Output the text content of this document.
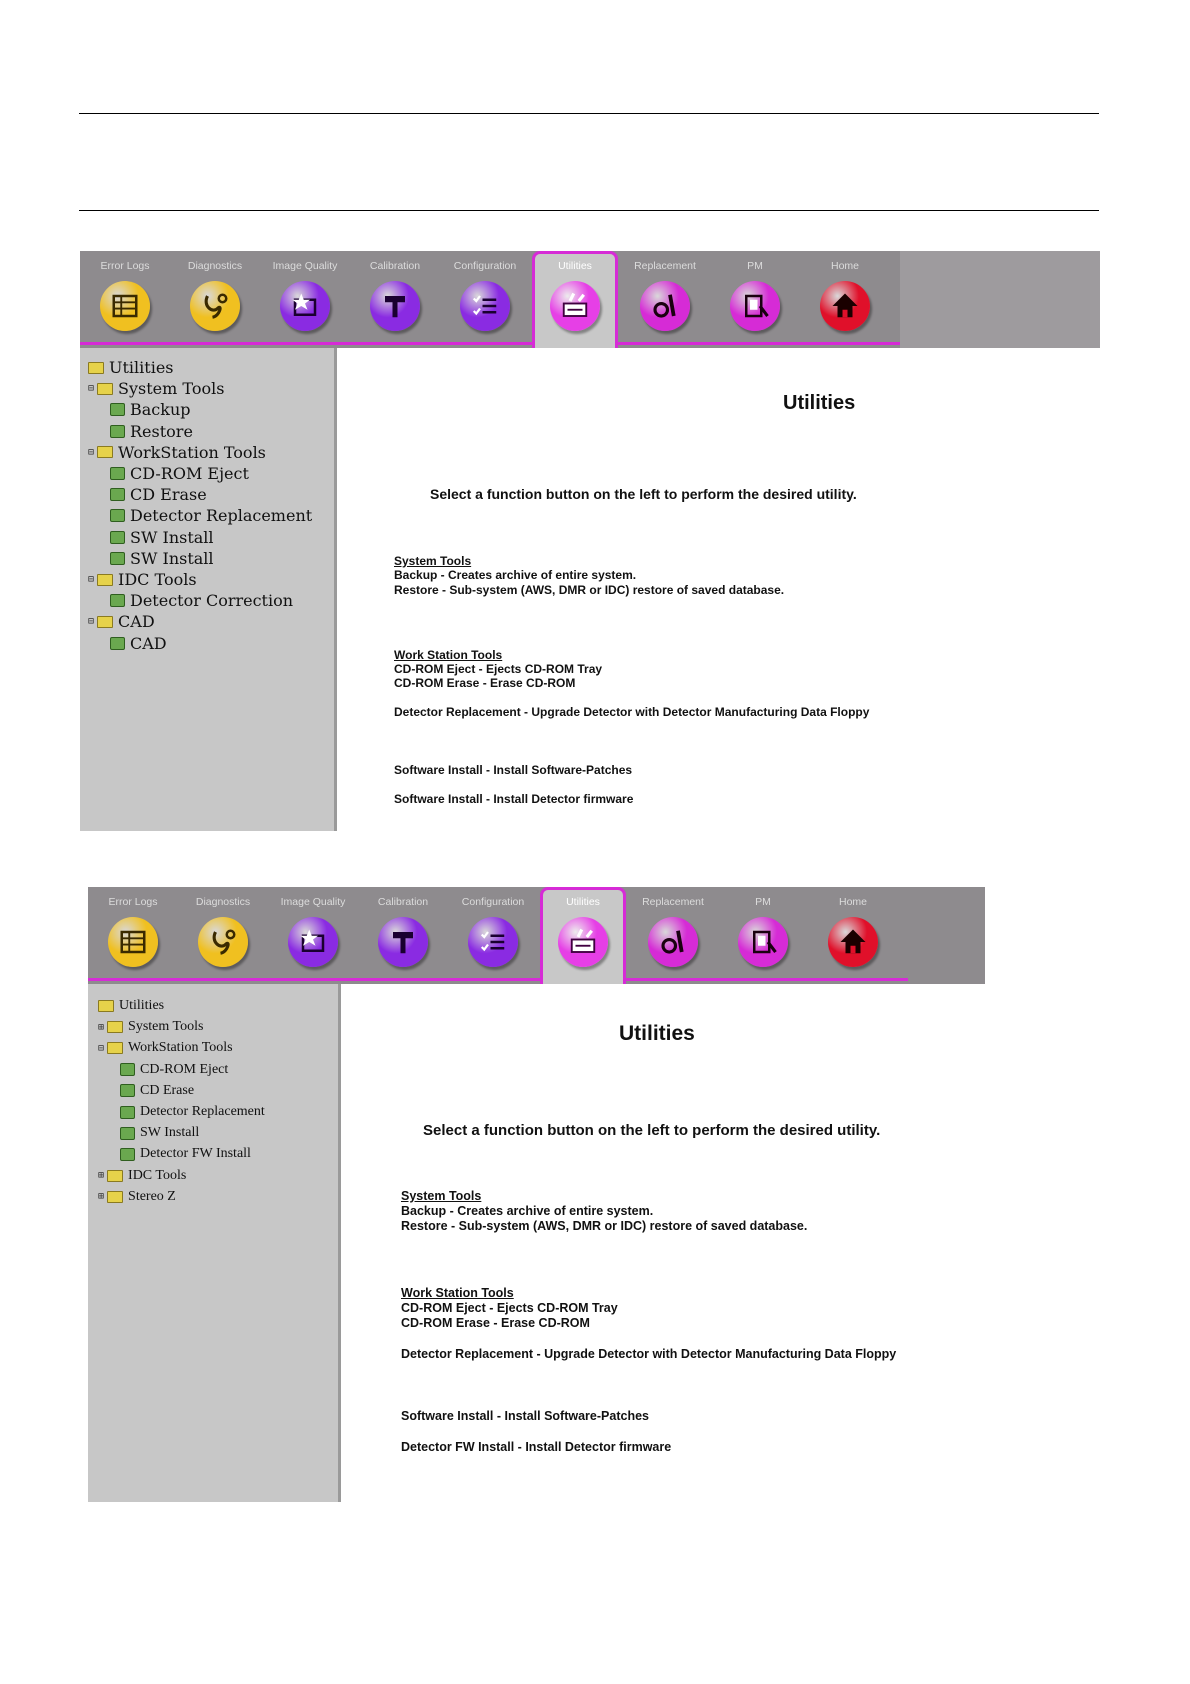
Error Logs	Diagnostics	Image Quality	Calibration	Configuration	Utilities	Replacement	PM	Home
Utilities
⊟ System Tools
Backup
Restore
⊟ WorkStation Tools
CD-ROM Eject
CD Erase
Detector Replacement
SW Install
SW Install
⊟ IDC Tools
Detector Correction
⊟ CAD
CAD
Utilities
Select a function button on the left to perform the desired utility.
System Tools
Backup - Creates archive of entire system.
Restore - Sub-system (AWS, DMR or IDC) restore of saved database.
Work Station Tools
CD-ROM Eject - Ejects CD-ROM Tray
CD-ROM Erase - Erase CD-ROM
Detector Replacement - Upgrade Detector with Detector Manufacturing Data Floppy
Software Install - Install Software-Patches
Software Install - Install Detector firmware
Error Logs	Diagnostics	Image Quality	Calibration	Configuration	Utilities	Replacement	PM	Home
Utilities
⊞ System Tools
⊟ WorkStation Tools
CD-ROM Eject
CD Erase
Detector Replacement
SW Install
Detector FW Install
⊞ IDC Tools
⊞ Stereo Z
Utilities
Select a function button on the left to perform the desired utility.
System Tools
Backup - Creates archive of entire system.
Restore - Sub-system (AWS, DMR or IDC) restore of saved database.
Work Station Tools
CD-ROM Eject - Ejects CD-ROM Tray
CD-ROM Erase - Erase CD-ROM
Detector Replacement - Upgrade Detector with Detector Manufacturing Data Floppy
Software Install - Install Software-Patches
Detector FW Install - Install Detector firmware
